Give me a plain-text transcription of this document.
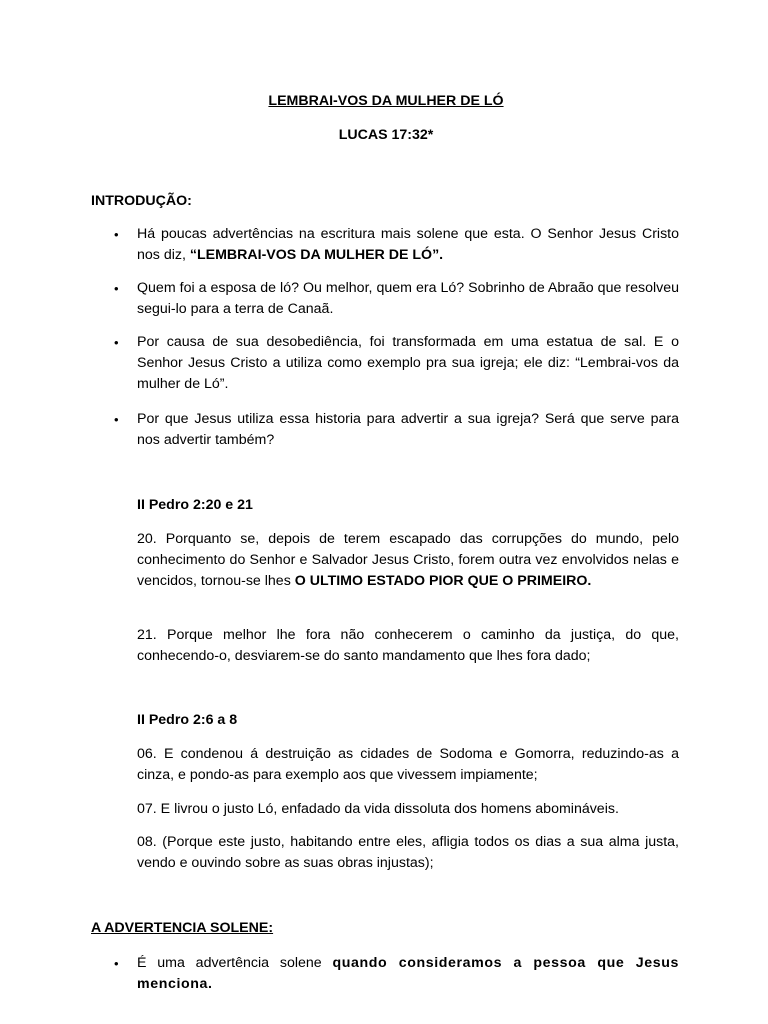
LEMBRAI-VOS DA MULHER DE LÓ
LUCAS 17:32*
INTRODUÇÃO:
• Há poucas advertências na escritura mais solene que esta. O Senhor Jesus Cristo nos diz, “LEMBRAI-VOS DA MULHER DE LÓ”.
• Quem foi a esposa de ló? Ou melhor, quem era Ló? Sobrinho de Abraão que resolveu segui-lo para a terra de Canaã.
• Por causa de sua desobediência, foi transformada em uma estatua de sal. E o Senhor Jesus Cristo a utiliza como exemplo pra sua igreja; ele diz: “Lembrai-vos da mulher de Ló”.
• Por que Jesus utiliza essa historia para advertir a sua igreja? Será que serve para nos advertir também?
II Pedro 2:20 e 21
20. Porquanto se, depois de terem escapado das corrupções do mundo, pelo conhecimento do Senhor e Salvador Jesus Cristo, forem outra vez envolvidos nelas e vencidos, tornou-se lhes O ULTIMO ESTADO PIOR QUE O PRIMEIRO.
21. Porque melhor lhe fora não conhecerem o caminho da justiça, do que, conhecendo-o, desviarem-se do santo mandamento que lhes fora dado;
II Pedro 2:6 a 8
06. E condenou á destruição as cidades de Sodoma e Gomorra, reduzindo-as a cinza, e pondo-as para exemplo aos que vivessem impiamente;
07. E livrou o justo Ló, enfadado da vida dissoluta dos homens abomináveis.
08. (Porque este justo, habitando entre eles, afligia todos os dias a sua alma justa, vendo e ouvindo sobre as suas obras injustas);
A ADVERTENCIA SOLENE:
• É uma advertência solene quando consideramos a pessoa que Jesus menciona.
